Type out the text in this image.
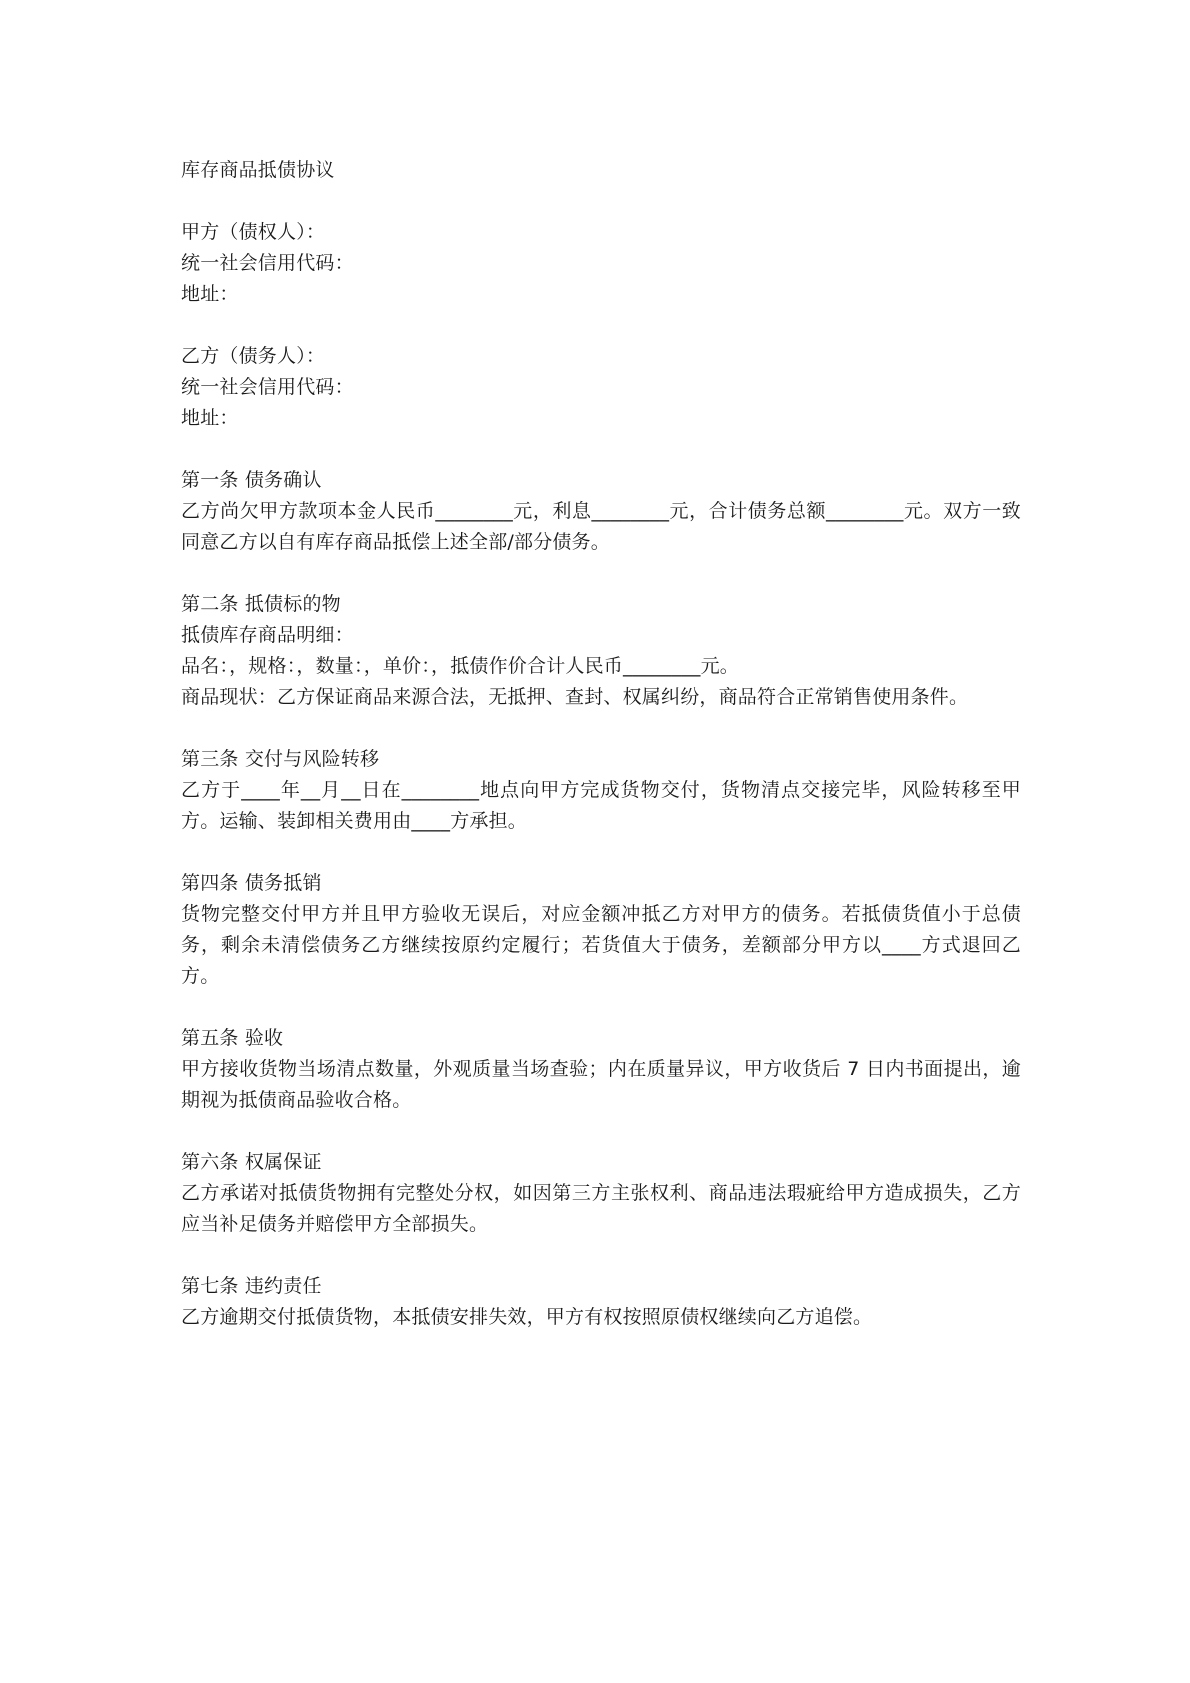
库存商品抵债协议
甲方（债权人）：
统一社会信用代码：
地址：
乙方（债务人）：
统一社会信用代码：
地址：
第一条 债务确认
乙方尚欠甲方款项本金人民币________元，利息________元，合计债务总额________元。双方一致同意乙方以自有库存商品抵偿上述全部/部分债务。
第二条 抵债标的物
抵债库存商品明细：
品名：，规格：，数量：，单价：，抵债作价合计人民币________元。
商品现状：乙方保证商品来源合法，无抵押、查封、权属纠纷，商品符合正常销售使用条件。
第三条 交付与风险转移
乙方于____年__月__日在________地点向甲方完成货物交付，货物清点交接完毕，风险转移至甲方。运输、装卸相关费用由____方承担。
第四条 债务抵销
货物完整交付甲方并且甲方验收无误后，对应金额冲抵乙方对甲方的债务。若抵债货值小于总债务，剩余未清偿债务乙方继续按原约定履行；若货值大于债务，差额部分甲方以____方式退回乙方。
第五条 验收
甲方接收货物当场清点数量，外观质量当场查验；内在质量异议，甲方收货后 7 日内书面提出，逾期视为抵债商品验收合格。
第六条 权属保证
乙方承诺对抵债货物拥有完整处分权，如因第三方主张权利、商品违法瑕疵给甲方造成损失，乙方应当补足债务并赔偿甲方全部损失。
第七条 违约责任
乙方逾期交付抵债货物，本抵债安排失效，甲方有权按照原债权继续向乙方追偿。
